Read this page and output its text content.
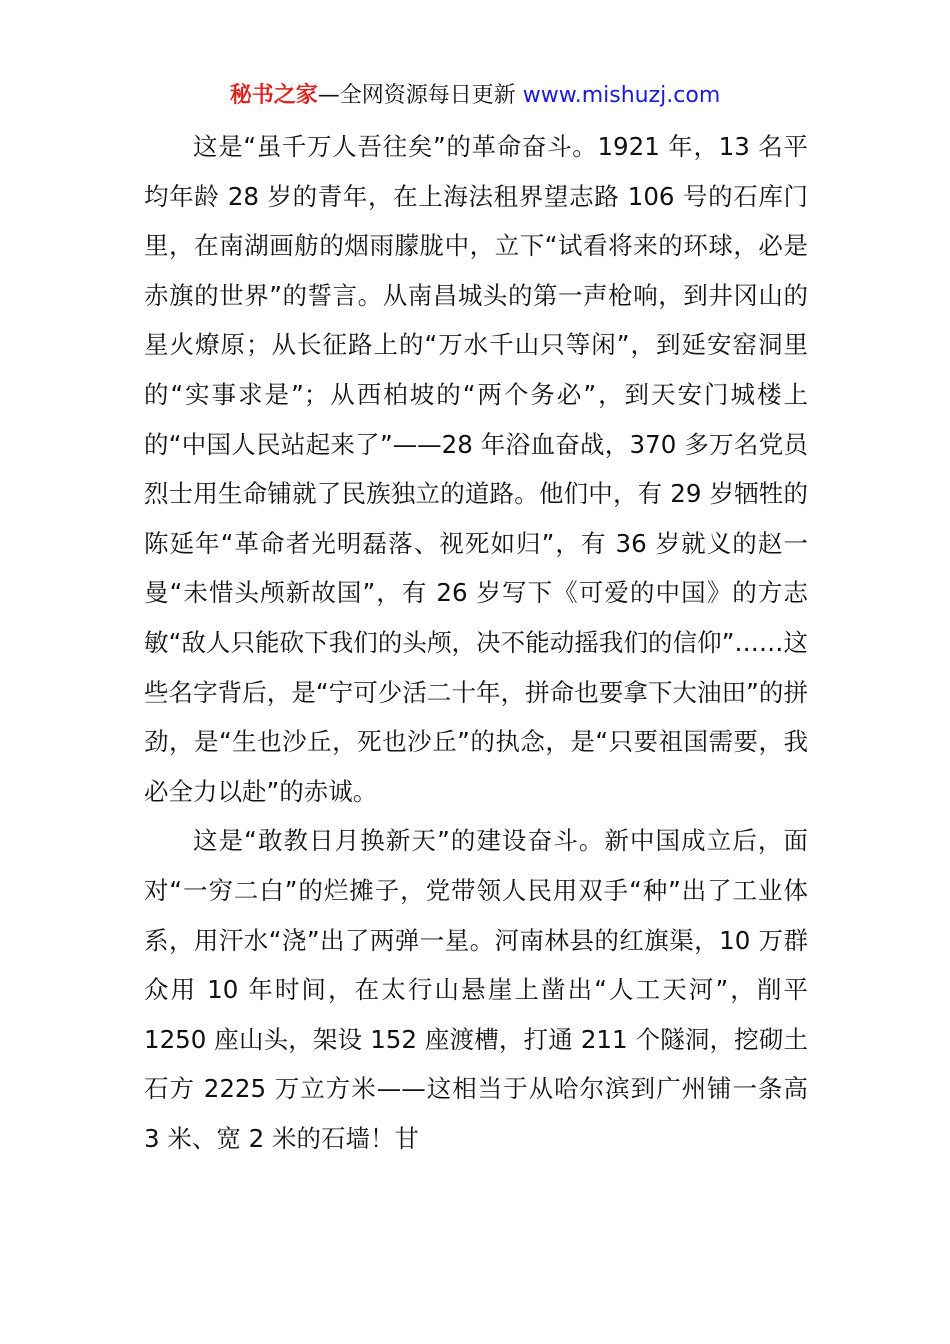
秘书之家—全网资源每日更新 www.mishuzj.com

这是“虽千万人吾往矣”的革命奋斗。1921 年，13 名平均年龄 28 岁的青年，在上海法租界望志路 106 号的石库门里，在南湖画舫的烟雨朦胧中，立下“试看将来的环球，必是赤旗的世界”的誓言。从南昌城头的第一声枪响，到井冈山的星火燎原；从长征路上的“万水千山只等闲”，到延安窑洞里的“实事求是”；从西柏坡的“两个务必”，到天安门城楼上的“中国人民站起来了”——28 年浴血奋战，370 多万名党员烈士用生命铺就了民族独立的道路。他们中，有 29 岁牺牲的陈延年“革命者光明磊落、视死如归”，有 36 岁就义的赵一曼“未惜头颅新故国”，有 26 岁写下《可爱的中国》的方志敏“敌人只能砍下我们的头颅，决不能动摇我们的信仰”……这些名字背后，是“宁可少活二十年，拼命也要拿下大油田”的拼劲，是“生也沙丘，死也沙丘”的执念，是“只要祖国需要，我必全力以赴”的赤诚。

这是“敢教日月换新天”的建设奋斗。新中国成立后，面对“一穷二白”的烂摊子，党带领人民用双手“种”出了工业体系，用汗水“浇”出了两弹一星。河南林县的红旗渠，10 万群众用 10 年时间，在太行山悬崖上凿出“人工天河”，削平 1250 座山头，架设 152 座渡槽，打通 211 个隧洞，挖砌土石方 2225 万立方米——这相当于从哈尔滨到广州铺一条高 3 米、宽 2 米的石墙！甘
